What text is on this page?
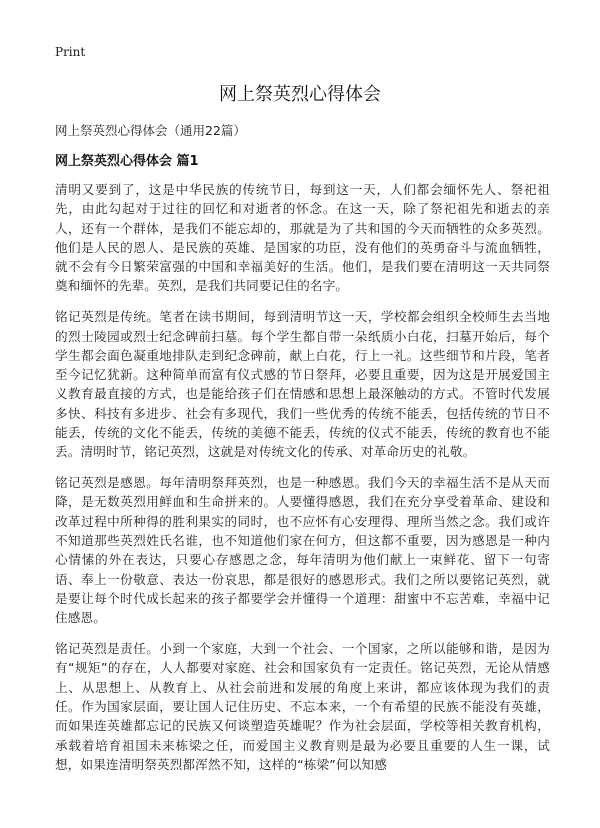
Print
网上祭英烈心得体会
网上祭英烈心得体会（通用22篇）
网上祭英烈心得体会 篇1

清明又要到了，这是中华民族的传统节日，每到这一天，人们都会缅怀先人、祭祀祖先，由此勾起对于过往的回忆和对逝者的怀念。在这一天，除了祭祀祖先和逝去的亲人，还有一个群体，是我们不能忘却的，那就是为了共和国的今天而牺牲的众多英烈。他们是人民的恩人、是民族的英雄、是国家的功臣，没有他们的英勇奋斗与流血牺牲，就不会有今日繁荣富强的中国和幸福美好的生活。他们，是我们要在清明这一天共同祭奠和缅怀的先辈。英烈，是我们共同要记住的名字。

铭记英烈是传统。笔者在读书期间，每到清明节这一天，学校都会组织全校师生去当地的烈士陵园或烈士纪念碑前扫墓。每个学生都自带一朵纸质小白花，扫墓开始后，每个学生都会面色凝重地排队走到纪念碑前，献上白花，行上一礼。这些细节和片段，笔者至今记忆犹新。这种简单而富有仪式感的节日祭拜，必要且重要，因为这是开展爱国主义教育最直接的方式，也是能给孩子们在情感和思想上最深触动的方式。不管时代发展多快、科技有多进步、社会有多现代，我们一些优秀的传统不能丢，包括传统的节日不能丢，传统的文化不能丢，传统的美德不能丢，传统的仪式不能丢，传统的教育也不能丢。清明时节，铭记英烈，这就是对传统文化的传承、对革命历史的礼敬。

铭记英烈是感恩。每年清明祭拜英烈，也是一种感恩。我们今天的幸福生活不是从天而降，是无数英烈用鲜血和生命拼来的。人要懂得感恩，我们在充分享受着革命、建设和改革过程中所种得的胜利果实的同时，也不应怀有心安理得、理所当然之念。我们或许不知道那些英烈姓氏名谁，也不知道他们家在何方，但这都不重要，因为感恩是一种内心情愫的外在表达，只要心存感恩之念，每年清明为他们献上一束鲜花、留下一句寄语、奉上一份敬意、表达一份哀思，都是很好的感恩形式。我们之所以要铭记英烈，就是要让每个时代成长起来的孩子都要学会并懂得一个道理：甜蜜中不忘苦难，幸福中记住感恩。

铭记英烈是责任。小到一个家庭，大到一个社会、一个国家，之所以能够和谐，是因为有“规矩”的存在，人人都要对家庭、社会和国家负有一定责任。铭记英烈，无论从情感上、从思想上、从教育上、从社会前进和发展的角度上来讲，都应该体现为我们的责任。作为国家层面，要让国人记住历史、不忘本来，一个有希望的民族不能没有英雄，而如果连英雄都忘记的民族又何谈塑造英雄呢？作为社会层面，学校等相关教育机构，承载着培育祖国未来栋梁之任，而爱国主义教育则是最为必要且重要的人生一课，试想，如果连清明祭英烈都浑然不知，这样的“栋梁”何以知感
